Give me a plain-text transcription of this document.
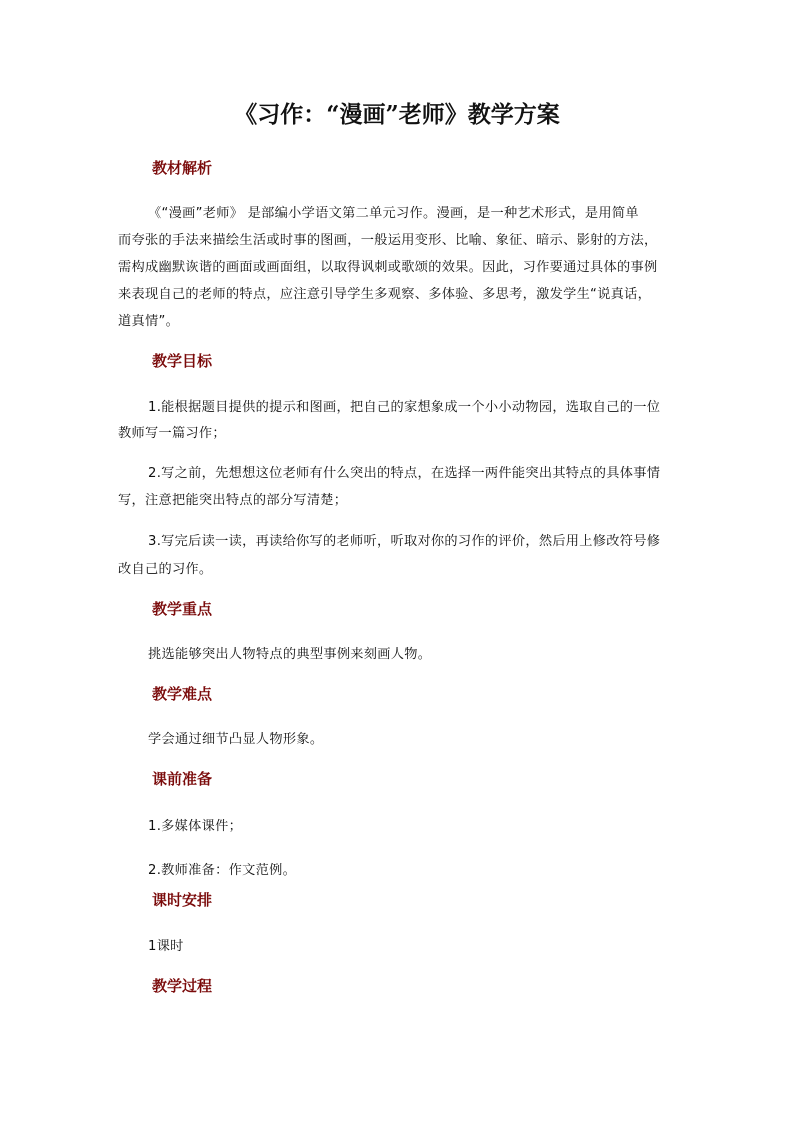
《习作：“漫画”老师》教学方案
教材解析
《“漫画”老师》 是部编小学语文第二单元习作。漫画，是一种艺术形式，是用简单
而夸张的手法来描绘生活或时事的图画，一般运用变形、比喻、象征、暗示、影射的方法，
需构成幽默诙谐的画面或画面组，以取得讽刺或歌颂的效果。因此，习作要通过具体的事例
来表现自己的老师的特点，应注意引导学生多观察、多体验、多思考，激发学生“说真话，
道真情”。
教学目标
1.能根据题目提供的提示和图画，把自己的家想象成一个小小动物园，选取自己的一位
教师写一篇习作；
2.写之前，先想想这位老师有什么突出的特点，在选择一两件能突出其特点的具体事情
写，注意把能突出特点的部分写清楚；
3.写完后读一读，再读给你写的老师听，听取对你的习作的评价，然后用上修改符号修
改自己的习作。
教学重点
挑选能够突出人物特点的典型事例来刻画人物。
教学难点
学会通过细节凸显人物形象。
课前准备
1.多媒体课件；
2.教师准备：作文范例。
课时安排
1课时
教学过程
